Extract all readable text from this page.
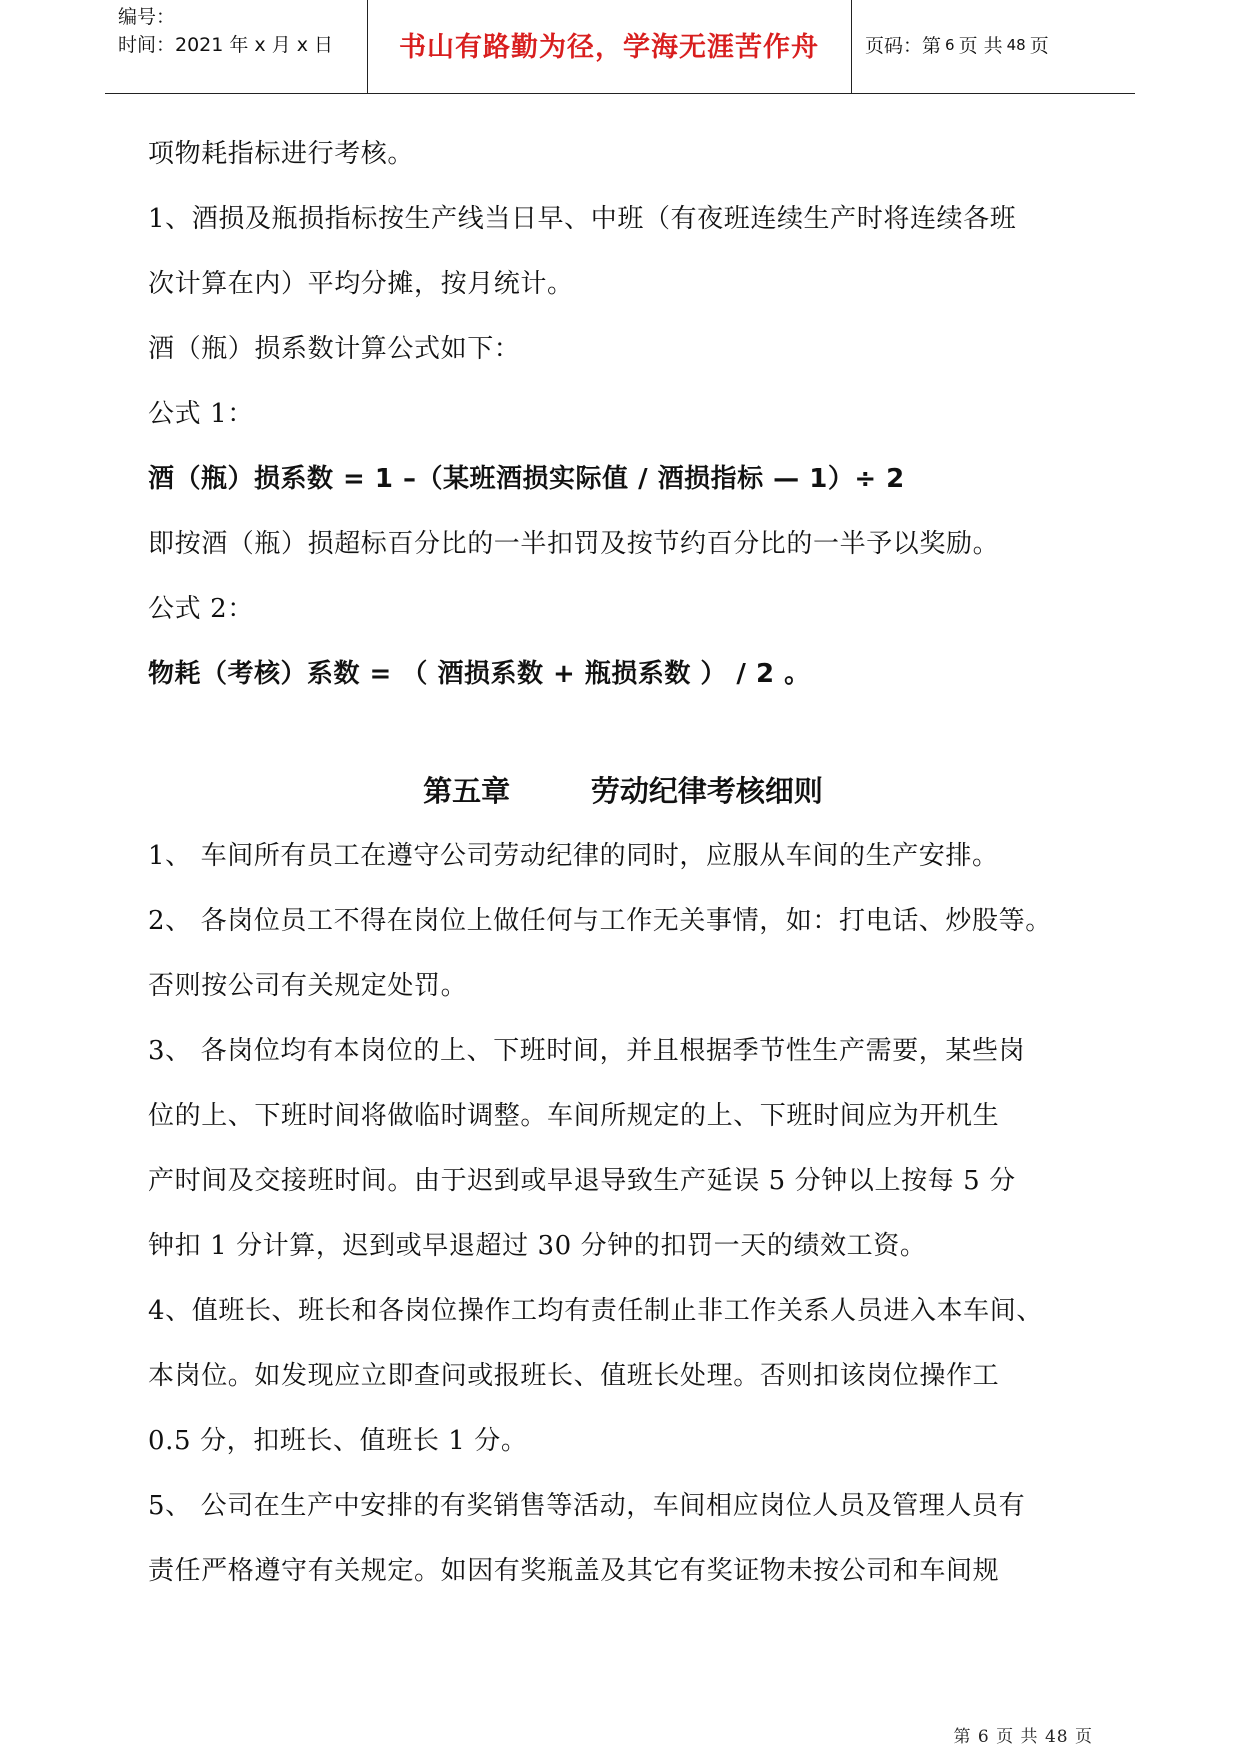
编号：
时间：2021 年 x 月 x 日	书山有路勤为径，学海无涯苦作舟	页码：第 6 页 共 48 页
项物耗指标进行考核。
1、酒损及瓶损指标按生产线当日早、中班（有夜班连续生产时将连续各班
次计算在内）平均分摊，按月统计。
酒（瓶）损系数计算公式如下：
公式 1：
酒（瓶）损系数 = 1 –（某班酒损实际值 / 酒损指标 — 1）÷ 2
即按酒（瓶）损超标百分比的一半扣罚及按节约百分比的一半予以奖励。
公式 2：
物耗（考核）系数 = （ 酒损系数 + 瓶损系数 ） / 2 。
第五章        劳动纪律考核细则
1、 车间所有员工在遵守公司劳动纪律的同时，应服从车间的生产安排。
2、 各岗位员工不得在岗位上做任何与工作无关事情，如：打电话、炒股等。
否则按公司有关规定处罚。
3、 各岗位均有本岗位的上、下班时间，并且根据季节性生产需要，某些岗
位的上、下班时间将做临时调整。车间所规定的上、下班时间应为开机生
产时间及交接班时间。由于迟到或早退导致生产延误 5 分钟以上按每 5 分
钟扣 1 分计算，迟到或早退超过 30 分钟的扣罚一天的绩效工资。
4、值班长、班长和各岗位操作工均有责任制止非工作关系人员进入本车间、
本岗位。如发现应立即查问或报班长、值班长处理。否则扣该岗位操作工
0.5 分，扣班长、值班长 1 分。
5、 公司在生产中安排的有奖销售等活动，车间相应岗位人员及管理人员有
责任严格遵守有关规定。如因有奖瓶盖及其它有奖证物未按公司和车间规
第 6 页 共 48 页
